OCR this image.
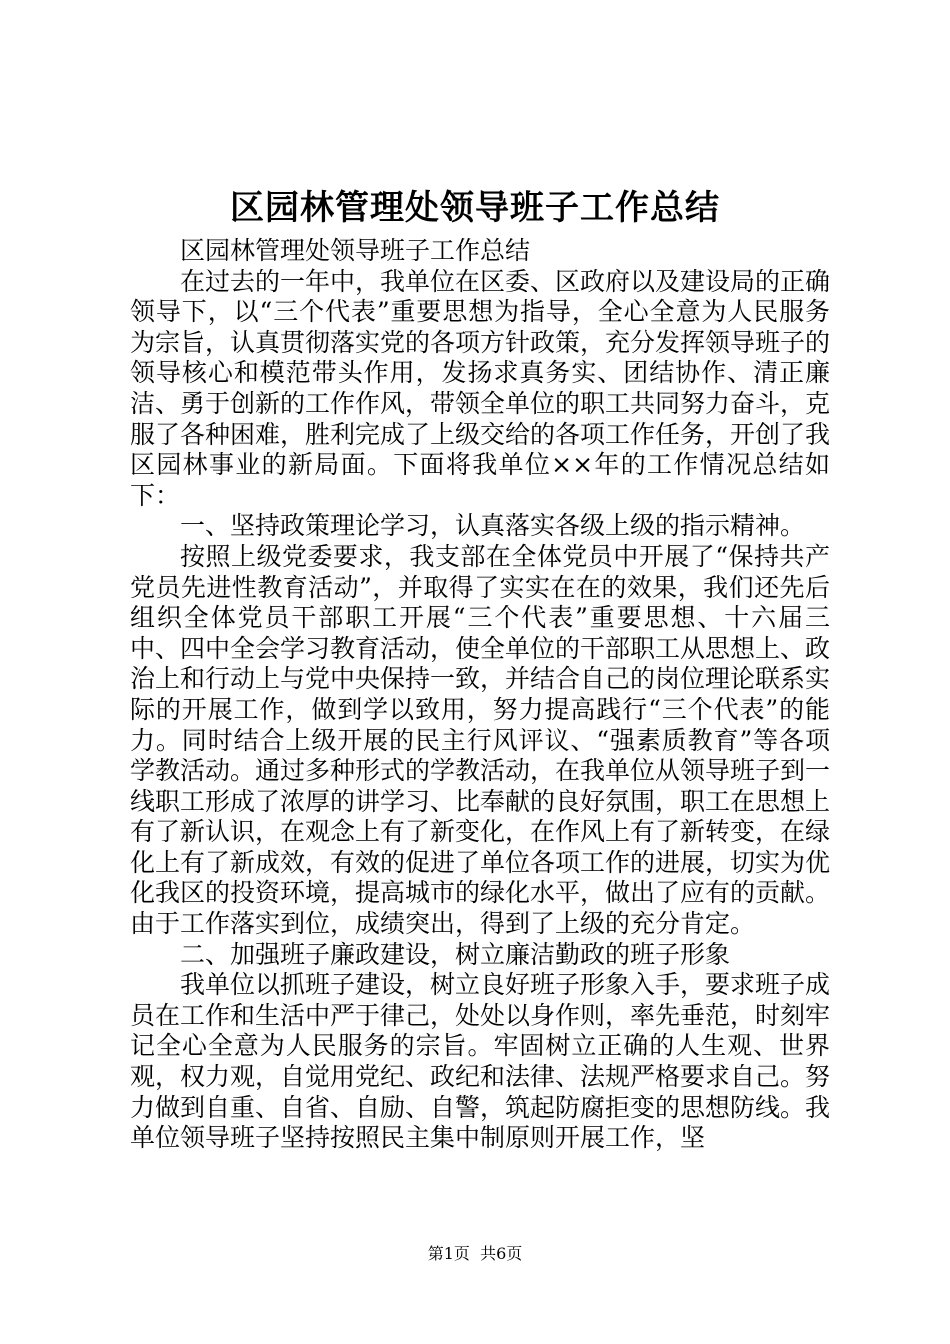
区园林管理处领导班子工作总结

区园林管理处领导班子工作总结

在过去的一年中，我单位在区委、区政府以及建设局的正确领导下，以“三个代表”重要思想为指导，全心全意为人民服务为宗旨，认真贯彻落实党的各项方针政策，充分发挥领导班子的领导核心和模范带头作用，发扬求真务实、团结协作、清正廉洁、勇于创新的工作作风，带领全单位的职工共同努力奋斗，克服了各种困难，胜利完成了上级交给的各项工作任务，开创了我区园林事业的新局面。下面将我单位××年的工作情况总结如下：

一、坚持政策理论学习，认真落实各级上级的指示精神。

按照上级党委要求，我支部在全体党员中开展了“保持共产党员先进性教育活动”，并取得了实实在在的效果，我们还先后组织全体党员干部职工开展“三个代表”重要思想、十六届三中、四中全会学习教育活动，使全单位的干部职工从思想上、政治上和行动上与党中央保持一致，并结合自己的岗位理论联系实际的开展工作，做到学以致用，努力提高践行“三个代表”的能力。同时结合上级开展的民主行风评议、“强素质教育”等各项学教活动。通过多种形式的学教活动，在我单位从领导班子到一线职工形成了浓厚的讲学习、比奉献的良好氛围，职工在思想上有了新认识，在观念上有了新变化，在作风上有了新转变，在绿化上有了新成效，有效的促进了单位各项工作的进展，切实为优化我区的投资环境，提高城市的绿化水平，做出了应有的贡献。由于工作落实到位，成绩突出，得到了上级的充分肯定。

二、加强班子廉政建设，树立廉洁勤政的班子形象

我单位以抓班子建设，树立良好班子形象入手，要求班子成员在工作和生活中严于律己，处处以身作则，率先垂范，时刻牢记全心全意为人民服务的宗旨。牢固树立正确的人生观、世界观，权力观，自觉用党纪、政纪和法律、法规严格要求自己。努力做到自重、自省、自励、自警，筑起防腐拒变的思想防线。我单位领导班子坚持按照民主集中制原则开展工作，坚

第1页 共6页
